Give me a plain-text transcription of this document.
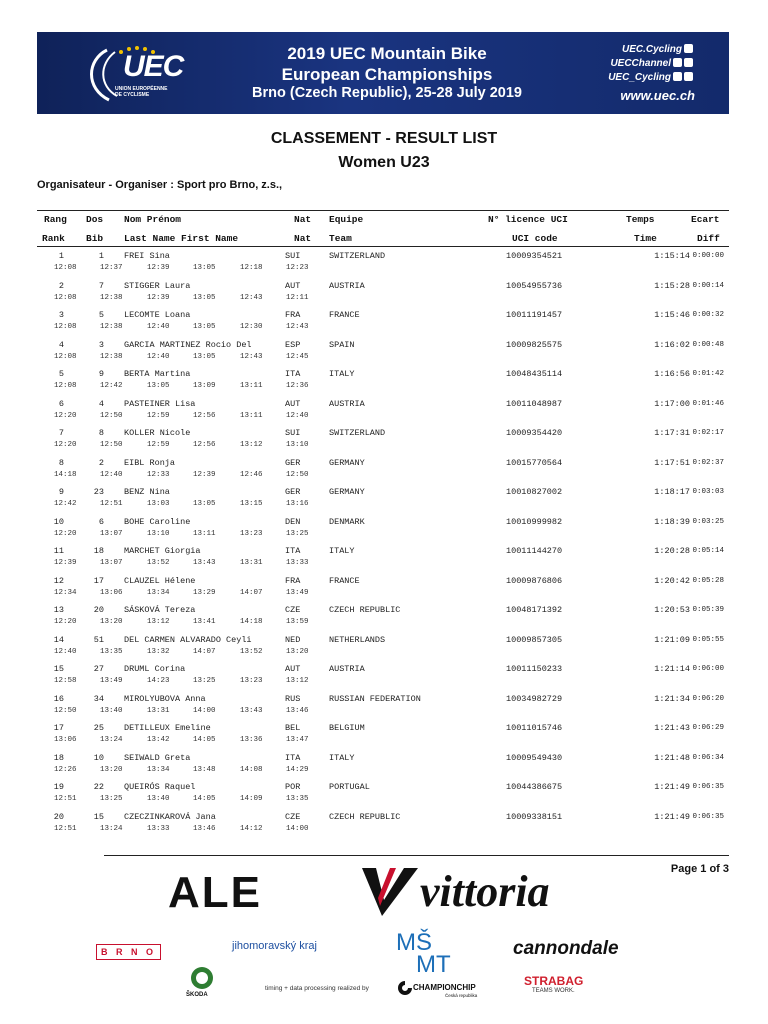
UEC
UNION EUROPÉENNE DE CYCLISME
2019 UEC Mountain Bike
European Championships
Brno (Czech Republic), 25-28 July 2019
UEC.Cycling
UECChannel
UEC_Cycling
www.uec.ch
CLASSEMENT - RESULT LIST
Women U23
Organisateur - Organiser : Sport pro Brno, z.s.,
Rang Dos Nom Prénom	Nat Equipe	N° licence UCI	Temps	Ecart
Rank Bib Last Name First Name	Nat Team	UCI code	Time	Diff
1	1 FREI Sina	SUI	SWITZERLAND	10009354521	1:15:14 0:00:00
12:08	12:37	12:39	13:05	12:18	12:23
2	7 STIGGER Laura	AUT	AUSTRIA	10054955736	1:15:28 0:00:14
12:08	12:38	12:39	13:05	12:43	12:11
3	5 LECOMTE Loana	FRA	FRANCE	10011191457	1:15:46 0:00:32
12:08	12:38	12:40	13:05	12:30	12:43
4	3 GARCIA MARTINEZ Rocio Del	ESP	SPAIN	10009825575	1:16:02 0:00:48
12:08	12:38	12:40	13:05	12:43	12:45
5	9 BERTA Martina	ITA	ITALY	10048435114	1:16:56 0:01:42
12:08	12:42	13:05	13:09	13:11	12:36
6	4 PASTEINER Lisa	AUT	AUSTRIA	10011048987	1:17:00 0:01:46
12:20	12:50	12:59	12:56	13:11	12:40
7	8 KOLLER Nicole	SUI	SWITZERLAND	10009354420	1:17:31 0:02:17
12:20	12:50	12:59	12:56	13:12	13:10
8	2 EIBL Ronja	GER	GERMANY	10015770564	1:17:51 0:02:37
14:18	12:40	12:33	12:39	12:46	12:50
9	23 BENZ Nina	GER	GERMANY	10010827002	1:18:17 0:03:03
12:42	12:51	13:03	13:05	13:15	13:16
10	6 BOHE Caroline	DEN	DENMARK	10010999982	1:18:39 0:03:25
12:20	13:07	13:10	13:11	13:23	13:25
11	18 MARCHET Giorgia	ITA	ITALY	10011144270	1:20:28 0:05:14
12:39	13:07	13:52	13:43	13:31	13:33
12	17 CLAUZEL Hélene	FRA	FRANCE	10009876806	1:20:42 0:05:28
12:34	13:06	13:34	13:29	14:07	13:49
13	20 SÁSKOVÁ Tereza	CZE	CZECH REPUBLIC	10048171392	1:20:53 0:05:39
12:20	13:20	13:12	13:41	14:18	13:59
14	51 DEL CARMEN ALVARADO Ceyli	NED	NETHERLANDS	10009857305	1:21:09 0:05:55
12:40	13:35	13:32	14:07	13:52	13:20
15	27 DRUML Corina	AUT	AUSTRIA	10011150233	1:21:14 0:06:00
12:58	13:49	14:23	13:25	13:23	13:12
16	34 MIROLYUBOVA Anna	RUS	RUSSIAN FEDERATION	10034982729	1:21:34 0:06:20
12:50	13:40	13:31	14:00	13:43	13:46
17	25 DETILLEUX Emeline	BEL	BELGIUM	10011015746	1:21:43 0:06:29
13:06	13:24	13:42	14:05	13:36	13:47
18	10 SEIWALD Greta	ITA	ITALY	10009549430	1:21:48 0:06:34
12:26	13:20	13:34	13:48	14:08	14:29
19	22 QUEIRÓS Raquel	POR	PORTUGAL	10044386675	1:21:49 0:06:35
12:51	13:25	13:40	14:05	14:09	13:35
20	15 CZECZINKAROVÁ Jana	CZE	CZECH REPUBLIC	10009338151	1:21:49 0:06:35
12:51	13:24	13:33	13:46	14:12	14:00
Page 1 of 3
ALE	vittoria
B R N O	jihomoravský kraj	MŠ
MT
cannondale
ŠKODA
timing + data processing realized by	CHAMPIONCHIP
Česká republika
STRABAG
TEAMS WORK.
